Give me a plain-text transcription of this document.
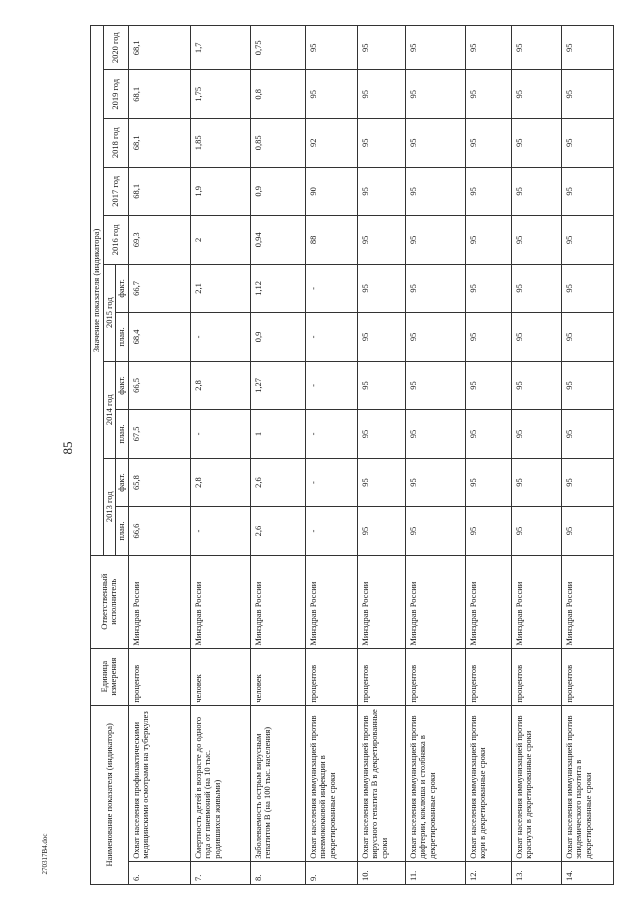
85
270317В4.doc	Наименование показателя (индикатора)		Единица измерения	Ответственный исполнитель	Значение показателя (индикатора)										
				2013 год		2014 год		2015 год		2016 год	2017 год	2018 год	2019 год	2020 год
				план.	факт.	план.	факт.	план.	факт.					
6.	Охват населения профилактическими медицинскими осмотрами на туберкулез	процентов	Минздрав России	66,6	65,8	67,5	66,5	68,4	66,7	69,3	68,1	68,1	68,1	68,1
7.	Смертность детей в возрасте до одного года от пневмоний (на 10 тыс. родившихся живыми)	человек	Минздрав России	-	2,8	-	2,8	-	2,1	2	1,9	1,85	1,75	1,7
8.	Заболеваемость острым вирусным гепатитом B (на 100 тыс. населения)	человек	Минздрав России	2,6	2,6	1	1,27	0,9	1,12	0,94	0,9	0,85	0,8	0,75
9.	Охват населения иммунизацией против пневмококковой инфекции в декретированные сроки	процентов	Минздрав России	-	-	-	-	-	-	88	90	92	95	95
10.	Охват населения иммунизацией против вирусного гепатита B в декретированные сроки	процентов	Минздрав России	95	95	95	95	95	95	95	95	95	95	95
11.	Охват населения иммунизацией против дифтерии, коклюша и столбняка в декретированные сроки	процентов	Минздрав России	95	95	95	95	95	95	95	95	95	95	95
12.	Охват населения иммунизацией против кори в декретированные сроки	процентов	Минздрав России	95	95	95	95	95	95	95	95	95	95	95
13.	Охват населения иммунизацией против краснухи в декретированные сроки	процентов	Минздрав России	95	95	95	95	95	95	95	95	95	95	95
14.	Охват населения иммунизацией против эпидемического паротита в декретированные сроки	процентов	Минздрав России	95	95	95	95	95	95	95	95	95	95	95
